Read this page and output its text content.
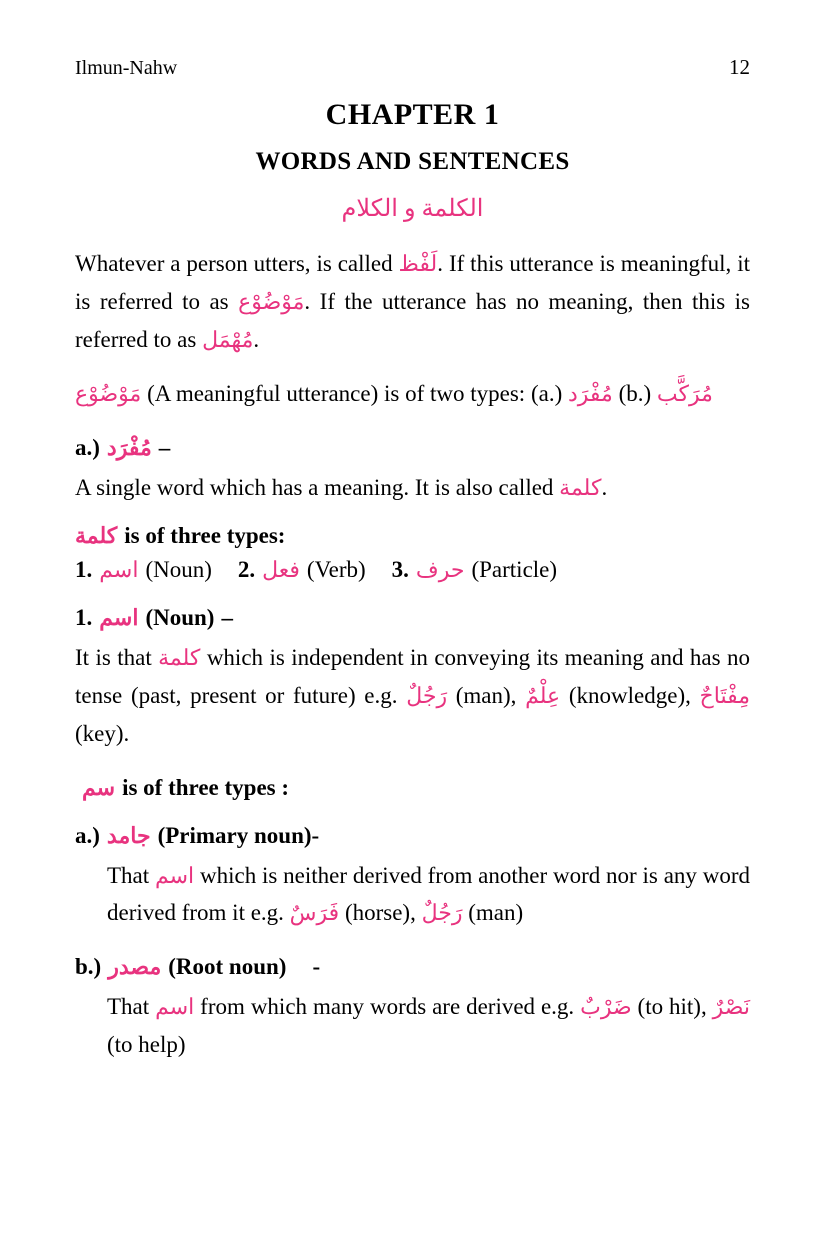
Ilmun-Nahw	12
CHAPTER 1
WORDS AND SENTENCES
الكلمة و الكلام

Whatever a person utters, is called لَفْظ. If this utterance is meaningful, it is referred to as مَوْضُوْع. If the utterance has no meaning, then this is referred to as مُهْمَل.

مَوْضُوْع (A meaningful utterance) is of two types: (a.) مُفْرَد (b.) مُرَكَّب

a.) مُفْرَد –

A single word which has a meaning. It is also called كلمة.

كلمة is of three types:

1. اسم (Noun) 2. فعل (Verb) 3. حرف (Particle)

1. اسم (Noun) –

It is that كلمة which is independent in conveying its meaning and has no tense (past, present or future) e.g. رَجُلٌ (man), عِلْمٌ (knowledge), مِفْتَاحٌ (key).

سم is of three types :

a.) جامد (Primary noun)-

That اسم which is neither derived from another word nor is any word derived from it e.g. فَرَسٌ (horse), رَجُلٌ (man)

b.) مصدر (Root noun) -

That اسم from which many words are derived e.g. ضَرْبٌ (to hit), نَصْرٌ (to help)
